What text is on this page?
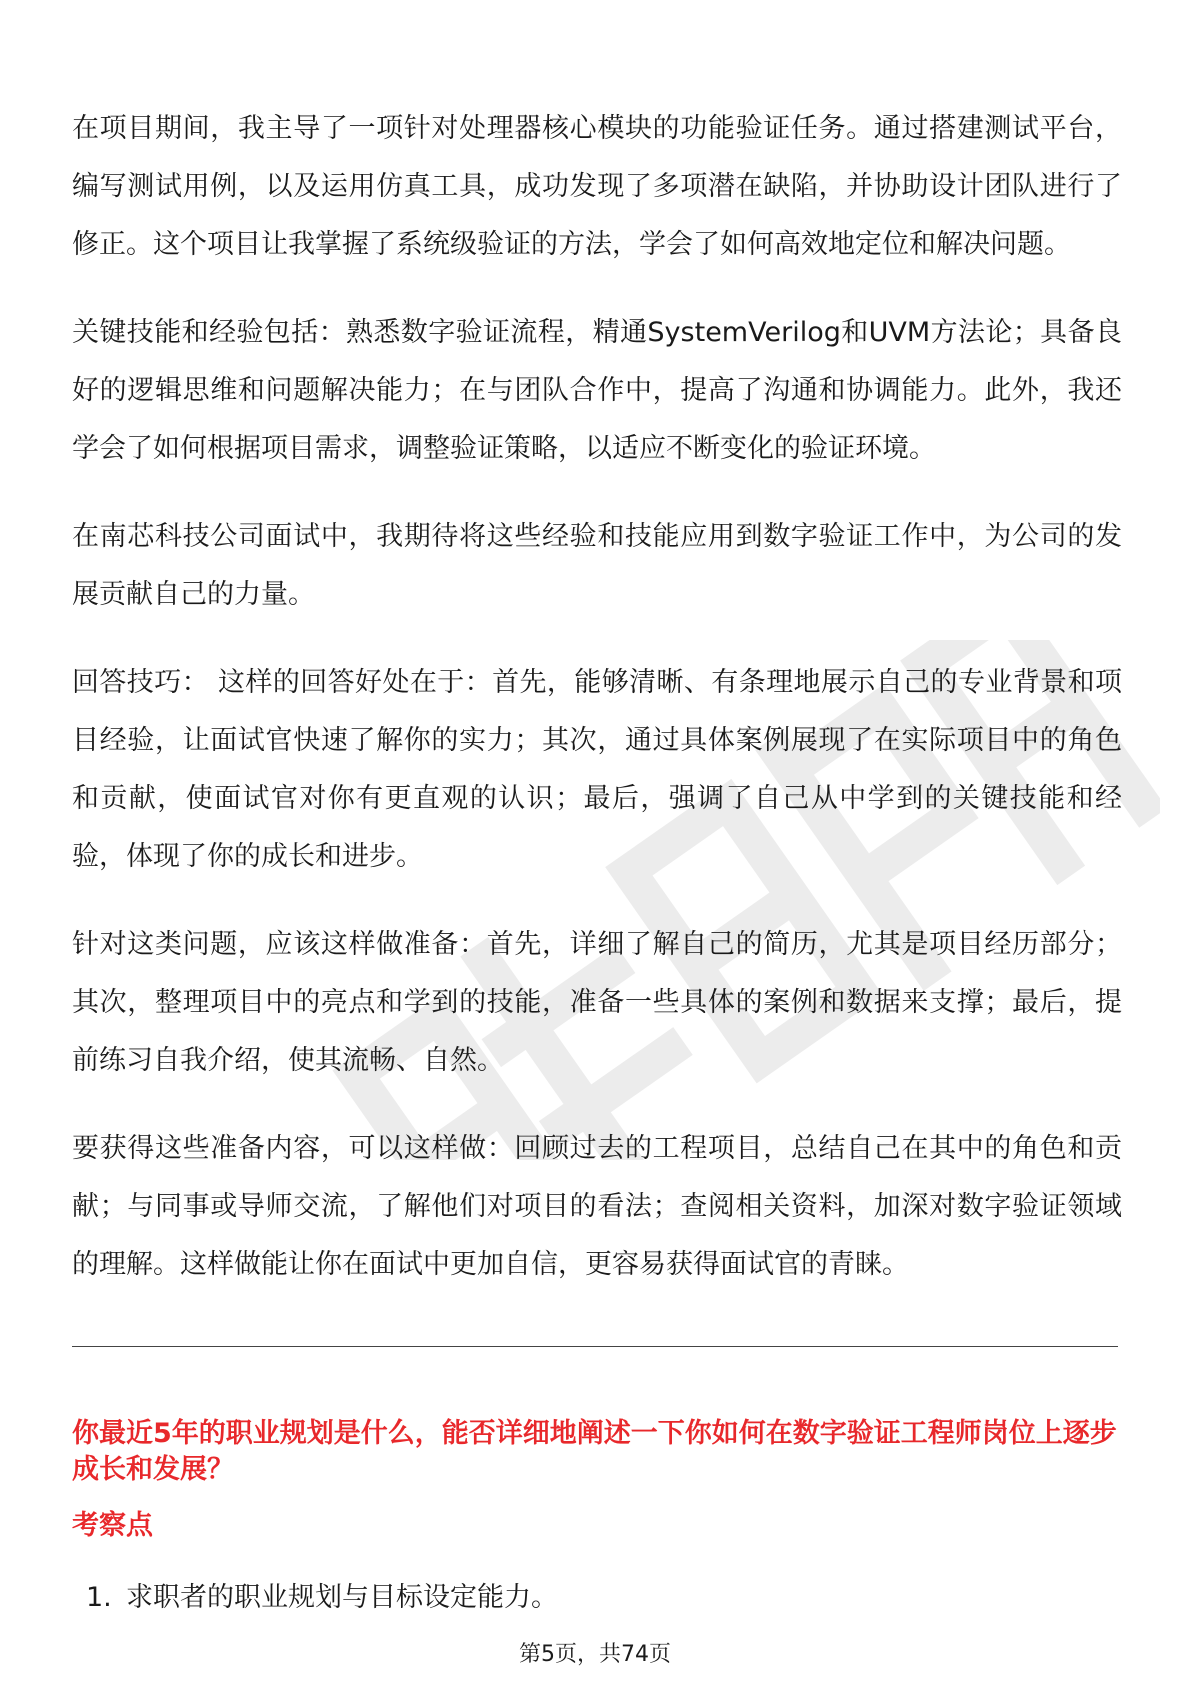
在项目期间，我主导了一项针对处理器核心模块的功能验证任务。通过搭建测试平台，编写测试用例，以及运用仿真工具，成功发现了多项潜在缺陷，并协助设计团队进行了修正。这个项目让我掌握了系统级验证的方法，学会了如何高效地定位和解决问题。

关键技能和经验包括：熟悉数字验证流程，精通SystemVerilog和UVM方法论；具备良好的逻辑思维和问题解决能力；在与团队合作中，提高了沟通和协调能力。此外，我还学会了如何根据项目需求，调整验证策略，以适应不断变化的验证环境。

在南芯科技公司面试中，我期待将这些经验和技能应用到数字验证工作中，为公司的发展贡献自己的力量。

回答技巧： 这样的回答好处在于：首先，能够清晰、有条理地展示自己的专业背景和项目经验，让面试官快速了解你的实力；其次，通过具体案例展现了在实际项目中的角色和贡献，使面试官对你有更直观的认识；最后，强调了自己从中学到的关键技能和经验，体现了你的成长和进步。

针对这类问题，应该这样做准备：首先，详细了解自己的简历，尤其是项目经历部分；其次，整理项目中的亮点和学到的技能，准备一些具体的案例和数据来支撑；最后，提前练习自我介绍，使其流畅、自然。

要获得这些准备内容，可以这样做：回顾过去的工程项目，总结自己在其中的角色和贡献；与同事或导师交流，了解他们对项目的看法；查阅相关资料，加深对数字验证领域的理解。这样做能让你在面试中更加自信，更容易获得面试官的青睐。

你最近5年的职业规划是什么，能否详细地阐述一下你如何在数字验证工程师岗位上逐步成长和发展？
考察点

1. 求职者的职业规划与目标设定能力。

第5页，共74页
